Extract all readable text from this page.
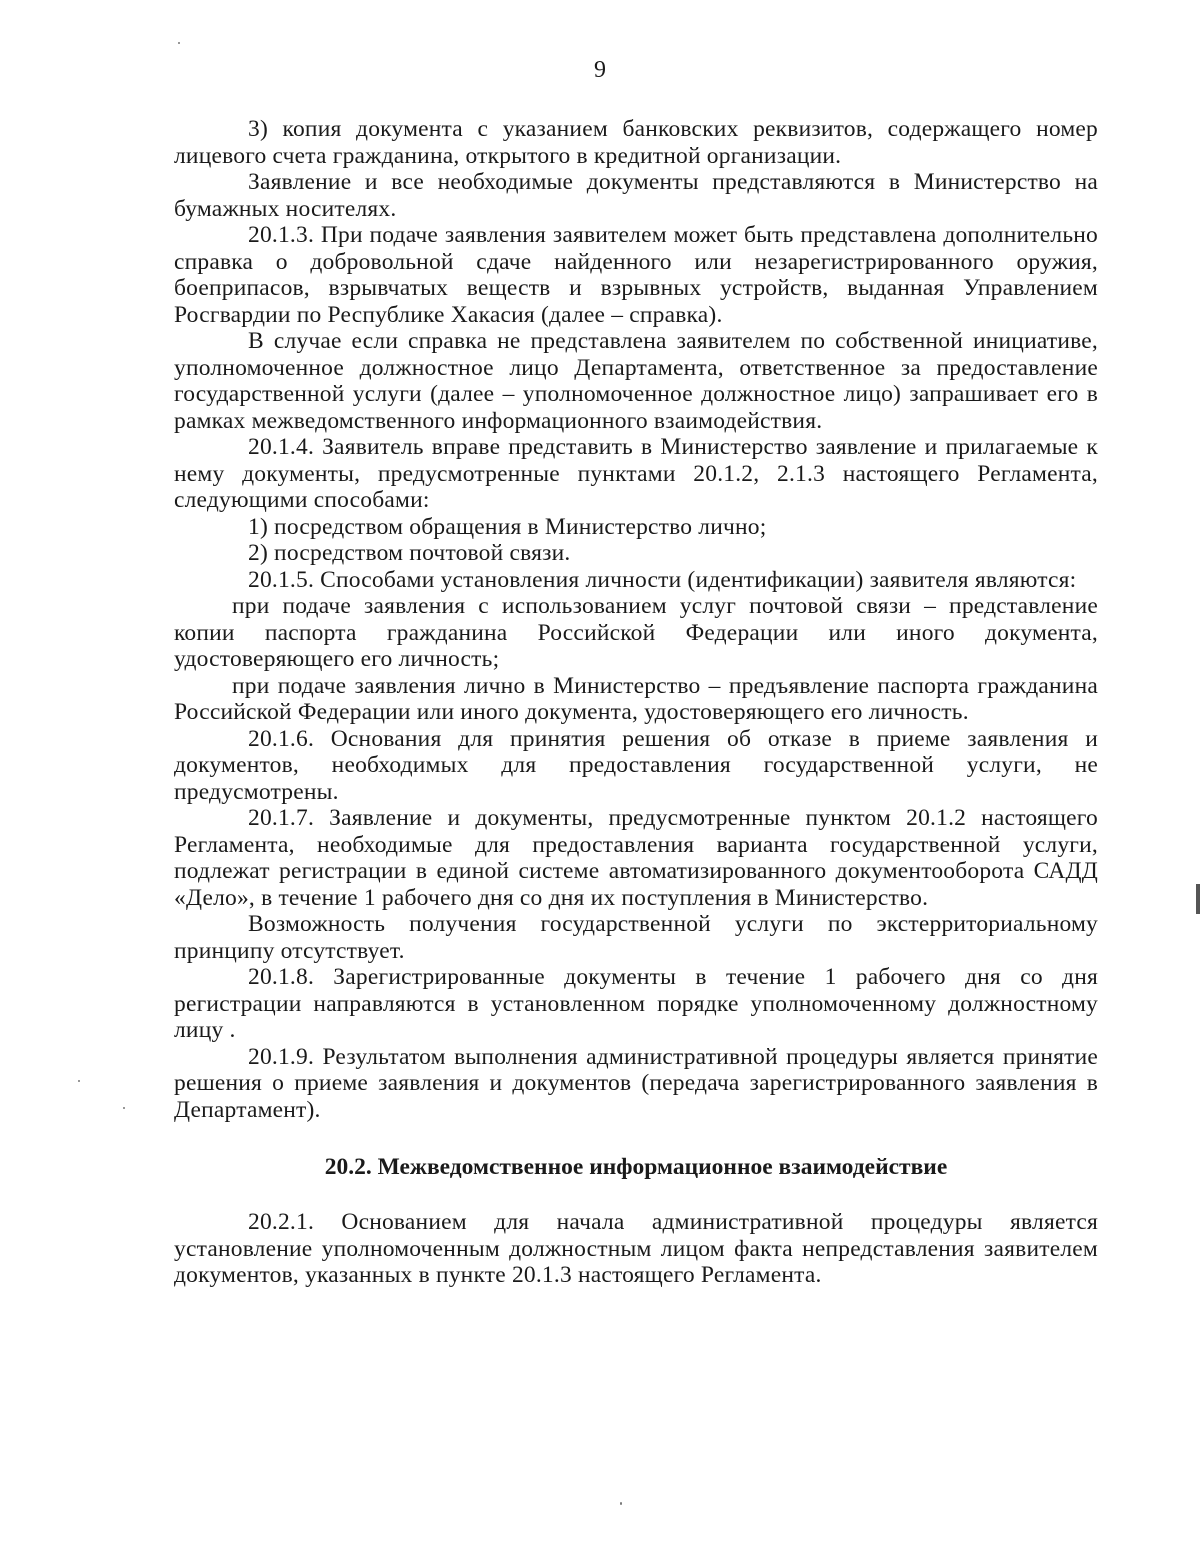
9

3) копия документа с указанием банковских реквизитов, содержащего номер лицевого счета гражданина, открытого в кредитной организации.

Заявление и все необходимые документы представляются в Министерство на бумажных носителях.

20.1.3. При подаче заявления заявителем может быть представлена дополнительно справка о добровольной сдаче найденного или незарегистрированного оружия, боеприпасов, взрывчатых веществ и взрывных устройств, выданная Управлением Росгвардии по Республике Хакасия (далее – справка).

В случае если справка не представлена заявителем по собственной инициативе, уполномоченное должностное лицо Департамента, ответственное за предоставление государственной услуги (далее – уполномоченное должностное лицо) запрашивает его в рамках межведомственного информационного взаимодействия.

20.1.4. Заявитель вправе представить в Министерство заявление и прилагаемые к нему документы, предусмотренные пунктами 20.1.2, 2.1.3 настоящего Регламента, следующими способами:

1) посредством обращения в Министерство лично;

2) посредством почтовой связи.

20.1.5. Способами установления личности (идентификации) заявителя являются:

при подаче заявления с использованием услуг почтовой связи – представление копии паспорта гражданина Российской Федерации или иного документа, удостоверяющего его личность;

при подаче заявления лично в Министерство – предъявление паспорта гражданина Российской Федерации или иного документа, удостоверяющего его личность.

20.1.6. Основания для принятия решения об отказе в приеме заявления и документов, необходимых для предоставления государственной услуги, не предусмотрены.

20.1.7. Заявление и документы, предусмотренные пунктом 20.1.2 настоящего Регламента, необходимые для предоставления варианта государственной услуги, подлежат регистрации в единой системе автоматизированного документооборота САДД «Дело», в течение 1 рабочего дня со дня их поступления в Министерство.

Возможность получения государственной услуги по экстерриториальному принципу отсутствует.

20.1.8. Зарегистрированные документы в течение 1 рабочего дня со дня регистрации направляются в установленном порядке уполномоченному должностному лицу .

20.1.9. Результатом выполнения административной процедуры является принятие решения о приеме заявления и документов (передача зарегистрированного заявления в Департамент).

20.2. Межведомственное информационное взаимодействие

20.2.1. Основанием для начала административной процедуры является установление уполномоченным должностным лицом факта непредставления заявителем документов, указанных в пункте 20.1.3 настоящего Регламента.
